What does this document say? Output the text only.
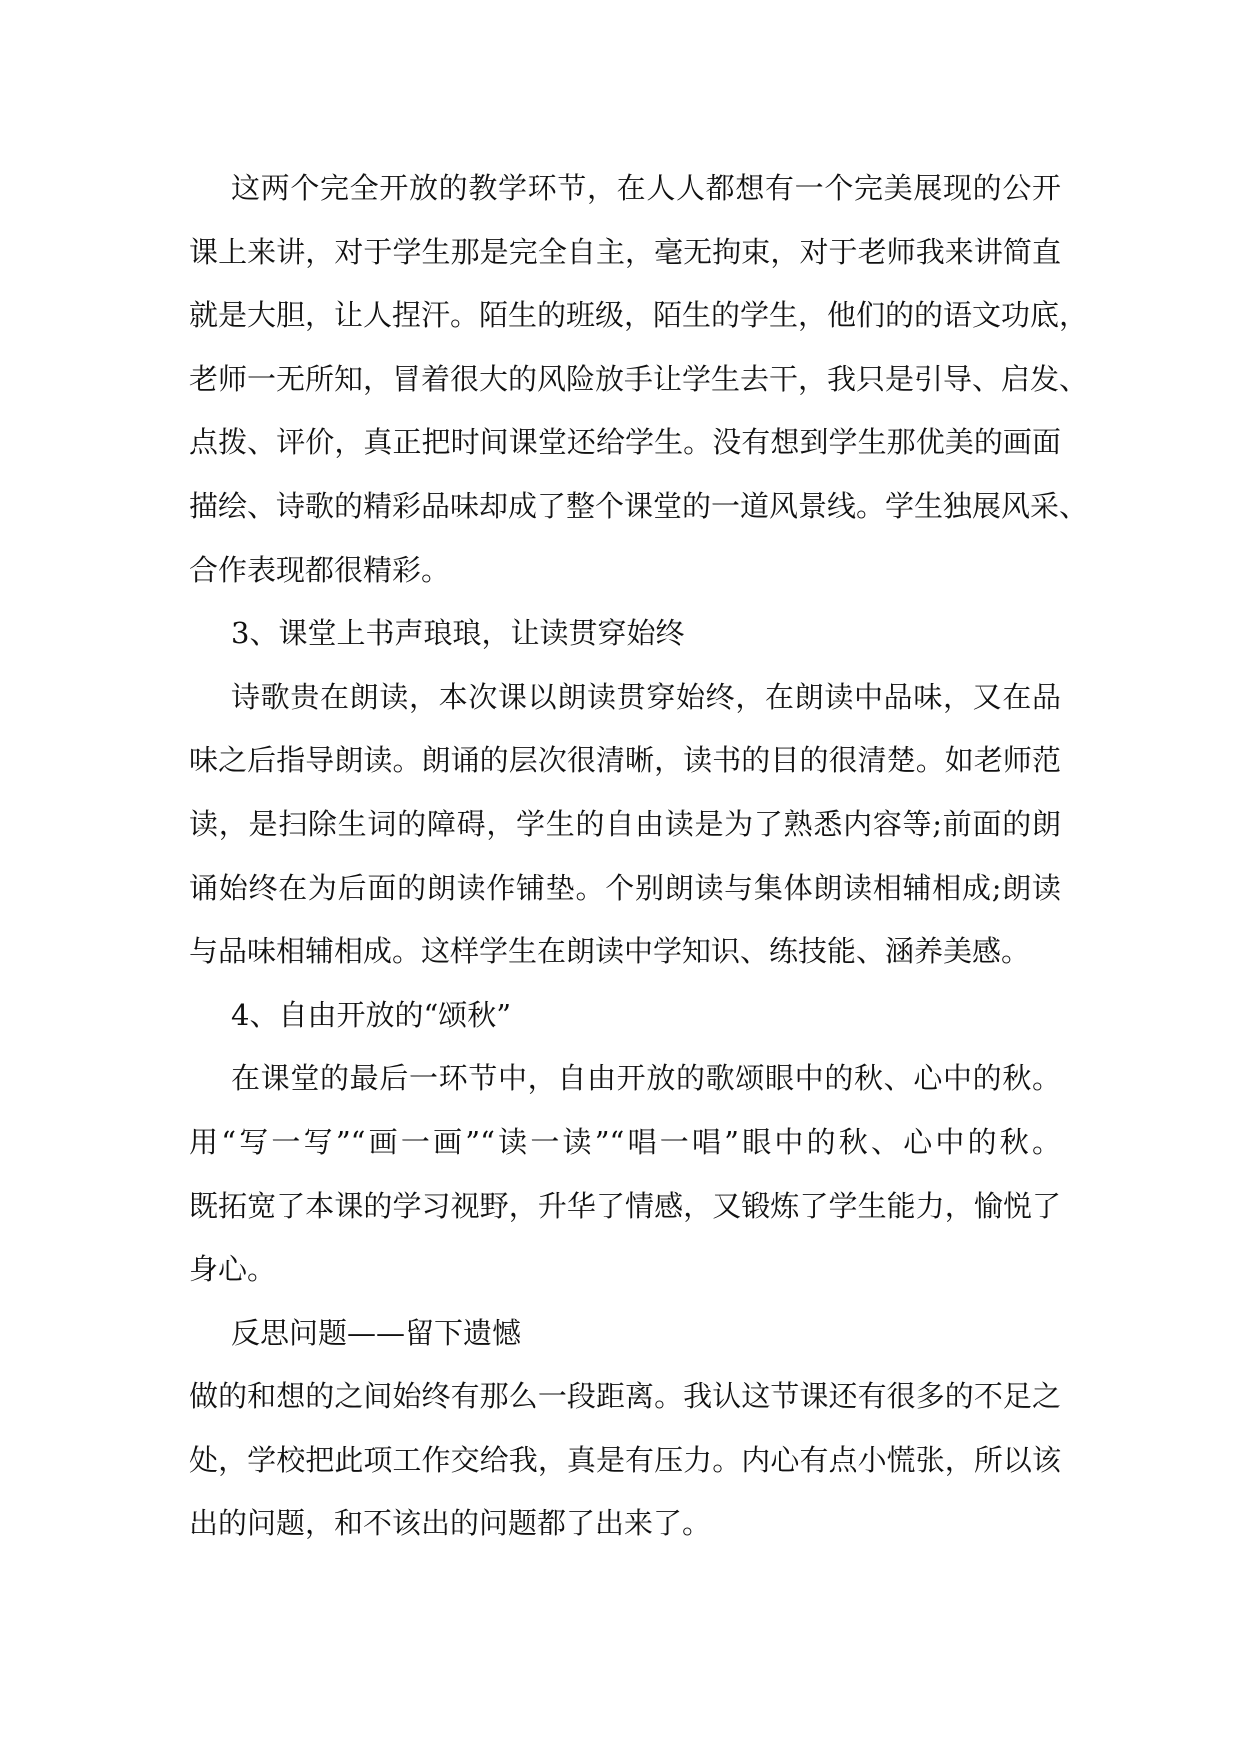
这两个完全开放的教学环节，在人人都想有一个完美展现的公开
课上来讲，对于学生那是完全自主，毫无拘束，对于老师我来讲简直
就是大胆，让人捏汗。陌生的班级，陌生的学生，他们的的语文功底，
老师一无所知，冒着很大的风险放手让学生去干，我只是引导、启发、
点拨、评价，真正把时间课堂还给学生。没有想到学生那优美的画面
描绘、诗歌的精彩品味却成了整个课堂的一道风景线。学生独展风采、
合作表现都很精彩。
3、课堂上书声琅琅，让读贯穿始终
诗歌贵在朗读，本次课以朗读贯穿始终，在朗读中品味，又在品
味之后指导朗读。朗诵的层次很清晰，读书的目的很清楚。如老师范
读，是扫除生词的障碍，学生的自由读是为了熟悉内容等;前面的朗
诵始终在为后面的朗读作铺垫。个别朗读与集体朗读相辅相成;朗读
与品味相辅相成。这样学生在朗读中学知识、练技能、涵养美感。
4、自由开放的“颂秋”
在课堂的最后一环节中，自由开放的歌颂眼中的秋、心中的秋。
用“写一写”“画一画”“读一读”“唱一唱”眼中的秋、心中的秋。
既拓宽了本课的学习视野，升华了情感，又锻炼了学生能力，愉悦了
身心。
反思问题——留下遗憾
做的和想的之间始终有那么一段距离。我认这节课还有很多的不足之
处，学校把此项工作交给我，真是有压力。内心有点小慌张，所以该
出的问题，和不该出的问题都了出来了。
